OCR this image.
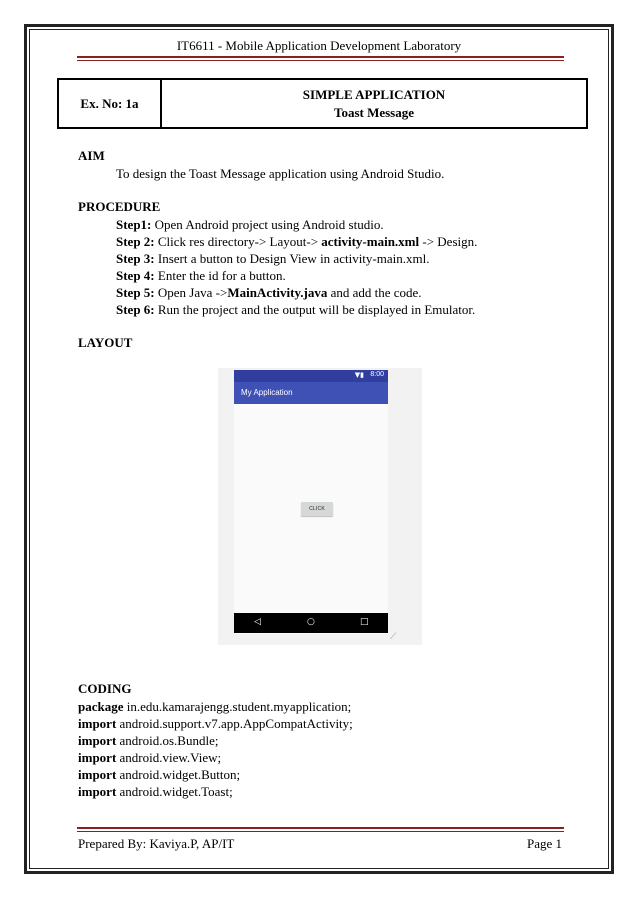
IT6611 - Mobile Application Development Laboratory
Ex. No: 1a
SIMPLE APPLICATION
Toast Message
AIM
To design the Toast Message application using Android Studio.
PROCEDURE
Step1: Open Android project using Android studio.
Step 2: Click res directory-> Layout-> activity-main.xml -> Design.
Step 3: Insert a button to Design View in activity-main.xml.
Step 4: Enter the id for a button.
Step 5: Open Java ->MainActivity.java and add the code.
Step 6: Run the project and the output will be displayed in Emulator.
LAYOUT
▼▮ 8:00
My Application
CLICK
◁	○	□
⟋
CODING
package in.edu.kamarajengg.student.myapplication;
import android.support.v7.app.AppCompatActivity;
import android.os.Bundle;
import android.view.View;
import android.widget.Button;
import android.widget.Toast;
Prepared By: Kaviya.P, AP/IT	Page 1
